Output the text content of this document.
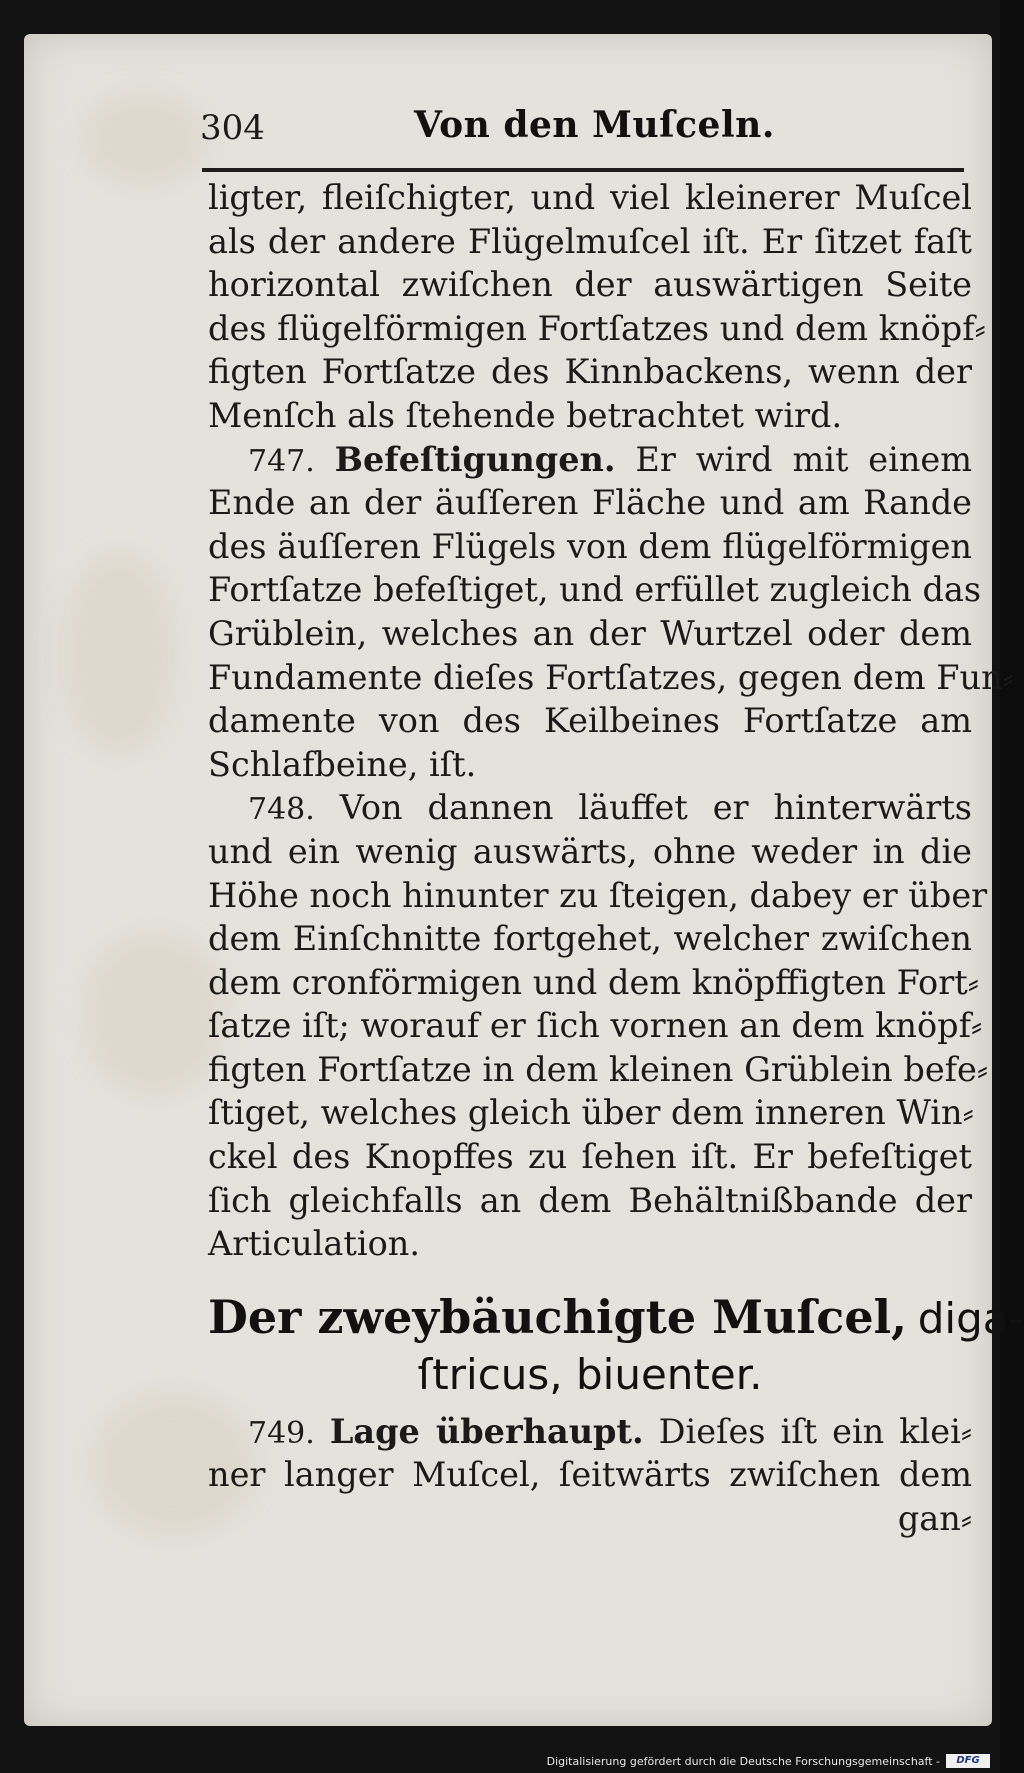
304	Von den Muſceln.
ligter, fleiſchigter, und viel kleinerer Muſcel
als der andere Flügelmuſcel iſt. Er ſitzet faſt
horizontal zwiſchen der auswärtigen Seite
des flügelförmigen Fortſatzes und dem knöpf⸗
figten Fortſatze des Kinnbackens, wenn der
Menſch als ſtehende betrachtet wird.
747. Befeſtigungen. Er wird mit einem
Ende an der äuſſeren Fläche und am Rande
des äuſſeren Flügels von dem flügelförmigen
Fortſatze befeſtiget, und erfüllet zugleich das
Grüblein, welches an der Wurtzel oder dem
Fundamente dieſes Fortſatzes, gegen dem Fun⸗
damente von des Keilbeines Fortſatze am
Schlafbeine, iſt.
748. Von dannen läuffet er hinterwärts
und ein wenig auswärts, ohne weder in die
Höhe noch hinunter zu ſteigen, dabey er über
dem Einſchnitte fortgehet, welcher zwiſchen
dem cronförmigen und dem knöpffigten Fort⸗
ſatze iſt; worauf er ſich vornen an dem knöpf⸗
figten Fortſatze in dem kleinen Grüblein befe⸗
ſtiget, welches gleich über dem inneren Win⸗
ckel des Knopffes zu ſehen iſt. Er befeſtiget
ſich gleichfalls an dem Behältnißbande der
Articulation.
Der zweybäuchigte Muſcel, diga-
ſtricus, biuenter.
749. Lage überhaupt. Dieſes iſt ein klei⸗
ner langer Muſcel, ſeitwärts zwiſchen dem
gan⸗
Digitalisierung gefördert durch die Deutsche Forschungsgemeinschaft -	DFG
